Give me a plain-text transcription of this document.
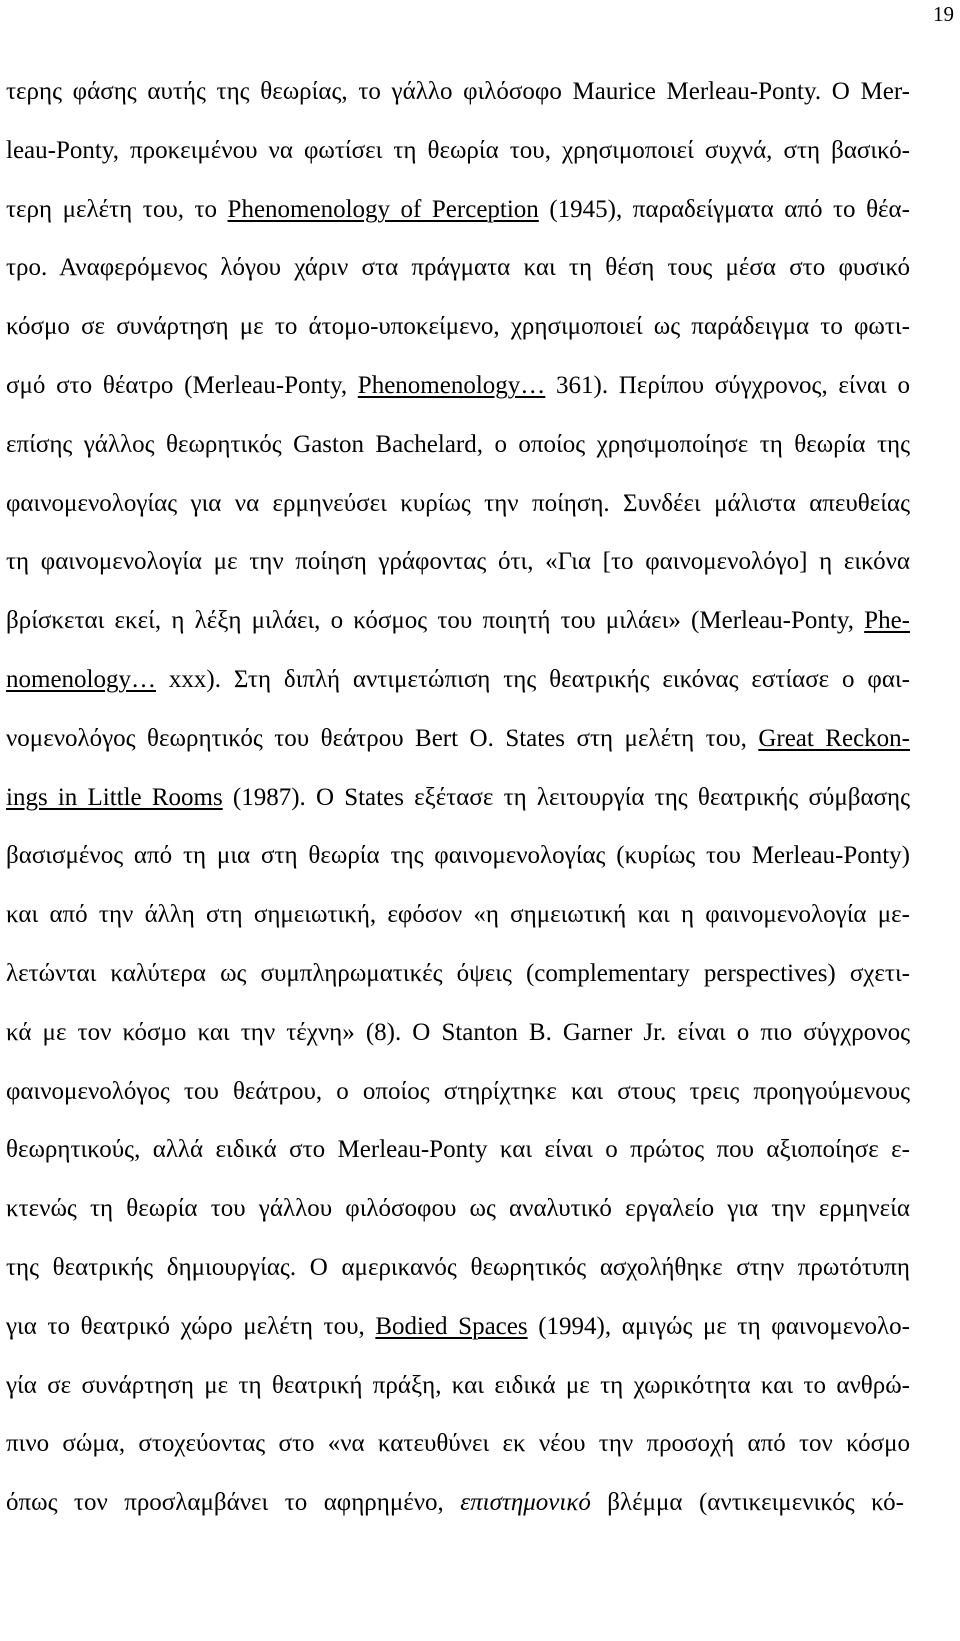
19
τερης φάσης αυτής της θεωρίας, το γάλλο φιλόσοφο Maurice Merleau-Ponty. Ο Mer-
leau-Ponty, προκειμένου να φωτίσει τη θεωρία του, χρησιμοποιεί συχνά, στη βασικό-
τερη μελέτη του, το Phenomenology of Perception (1945), παραδείγματα από το θέα-
τρο. Αναφερόμενος λόγου χάριν στα πράγματα και τη θέση τους μέσα στο φυσικό
κόσμο σε συνάρτηση με το άτομο-υποκείμενο, χρησιμοποιεί ως παράδειγμα το φωτι-
σμό στο θέατρο (Merleau-Ponty, Phenomenology… 361). Περίπου σύγχρονος, είναι ο
επίσης γάλλος θεωρητικός Gaston Bachelard, ο οποίος χρησιμοποίησε τη θεωρία της
φαινομενολογίας για να ερμηνεύσει κυρίως την ποίηση. Συνδέει μάλιστα απευθείας
τη φαινομενολογία με την ποίηση γράφοντας ότι, «Για [το φαινομενολόγο] η εικόνα
βρίσκεται εκεί, η λέξη μιλάει, ο κόσμος του ποιητή του μιλάει» (Merleau-Ponty, Phe-
nomenology… xxx). Στη διπλή αντιμετώπιση της θεατρικής εικόνας εστίασε ο φαι-
νομενολόγος θεωρητικός του θεάτρου Bert O. States στη μελέτη του, Great Reckon-
ings in Little Rooms (1987). Ο States εξέτασε τη λειτουργία της θεατρικής σύμβασης
βασισμένος από τη μια στη θεωρία της φαινομενολογίας (κυρίως του Merleau-Ponty)
και από την άλλη στη σημειωτική, εφόσον «η σημειωτική και η φαινομενολογία με-
λετώνται καλύτερα ως συμπληρωματικές όψεις (complementary perspectives) σχετι-
κά με τον κόσμο και την τέχνη» (8). Ο Stanton B. Garner Jr. είναι ο πιο σύγχρονος
φαινομενολόγος του θεάτρου, ο οποίος στηρίχτηκε και στους τρεις προηγούμενους
θεωρητικούς, αλλά ειδικά στο Merleau-Ponty και είναι ο πρώτος που αξιοποίησε ε-
κτενώς τη θεωρία του γάλλου φιλόσοφου ως αναλυτικό εργαλείο για την ερμηνεία
της θεατρικής δημιουργίας. Ο αμερικανός θεωρητικός ασχολήθηκε στην πρωτότυπη
για το θεατρικό χώρο μελέτη του, Bodied Spaces (1994), αμιγώς με τη φαινομενολο-
γία σε συνάρτηση με τη θεατρική πράξη, και ειδικά με τη χωρικότητα και το ανθρώ-
πινο σώμα, στοχεύοντας στο «να κατευθύνει εκ νέου την προσοχή από τον κόσμο
όπως τον προσλαμβάνει το αφηρημένο, επιστημονικό βλέμμα (αντικειμενικός κό-
